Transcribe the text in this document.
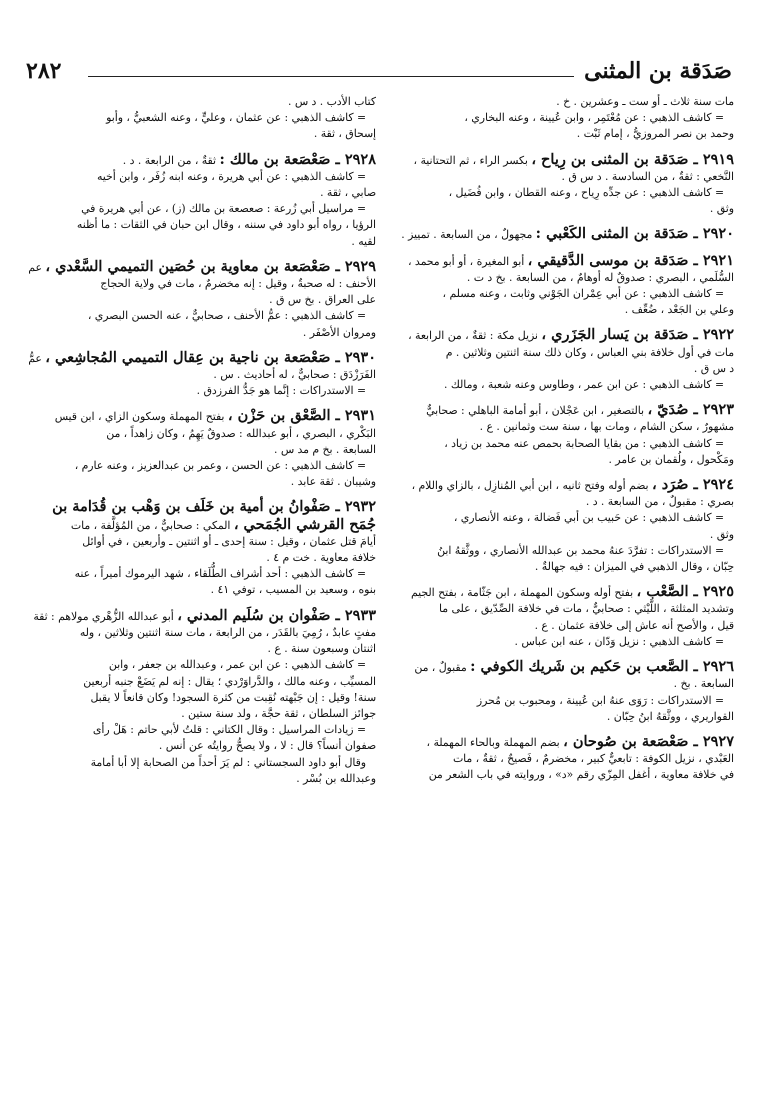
صَدَقة بن المثنى
٢٨٢

مات سنة ثلاث ـ أو ست ـ وعشرين . خ .

= كاشف الذهبي : عن مُعْتَمِر ، وابن عُيينة ، وعنه البخاري ،

وحمد بن نصر المروزيُّ ، إمام ثَبْت .

٢٩١٩ ـ صَدَقة بن المثنى بن رِياح ، بكسر الراء ، ثم التحتانية ،

النَّخعي : ثقةٌ ، من السادسة . د س ق .

= كاشف الذهبي : عن جدِّه رِياح ، وعنه القطان ، وابن فُضَيل ،

وثق .

٢٩٢٠ ـ صَدَقة بن المثنى الكَعْبي : مجهولٌ ، من السابعة . تمييز .

٢٩٢١ ـ صَدَقة بن موسى الدَّقيقي ، أبو المغيرة ، أو أبو محمد ،

السُّلَمي ، البصري : صدوقٌ له أوهامٌ ، من السابعة . بخ د ت .

= كاشف الذهبي : عن أبي عِمْران الجَوْني وثابت ، وعنه مسلم ،

وعلي بن الجَعْد ، ضُعِّف .

٢٩٢٢ ـ صَدَقة بن يَسار الجَزَري ، نزيل مكة : ثقةٌ ، من الرابعة ،

مات في أول خلافة بني العباس ، وكان ذلك سنة اثنتين وثلاثين . م

د س ق .

= كاشف الذهبي : عن ابن عمر ، وطاوس وعنه شعبة ، ومالك .

٢٩٢٣ ـ صُدَيّ ، بالتصغير ، ابن عَجْلان ، أبو أمامة الباهلي : صحابيٌّ

مشهورٌ ، سكن الشام ، ومات بها ، سنة ست وثمانين . ع .

= كاشف الذهبي : من بقايا الصحابة بحمص عنه محمد بن زياد ،

ومَكْحول ، ولُقمان بن عامر .

٢٩٢٤ ـ صُرَد ، بضم أوله وفتح ثانيه ، ابن أبي المُنازِل ، بالزاي واللام ،

بصري : مقبولٌ ، من السابعة . د .

= كاشف الذهبي : عن حَبيب بن أبي فَضالة ، وعنه الأنصاري ،

وثق .

= الاستدراكات : تفرَّدَ عنهُ محمد بن عبدالله الأنصاري ، ووثَّقهُ ابنُ

حِبّان ، وقال الذهبي في الميزان : فيه جهالةٌ .

٢٩٢٥ ـ الصَّعْب ، بفتح أوله وسكون المهملة ، ابن جَثّامة ، بفتح الجيم

وتشديد المثلثة ، اللَّيْثي : صحابيٌّ ، مات في خلافة الصِّدّيق ، على ما

قيل ، والأصح أنه عاش إلى خلافة عثمان . ع .

= كاشف الذهبي : نزيل وَدّان ، عنه ابن عباس .

٢٩٢٦ ـ الصَّعب بن حَكيم بن شَريك الكوفي : مقبولٌ ، من

السابعة . بخ .

= الاستدراكات : رَوَى عنهُ ابن عُيينة ، ومحبوب بن مُحرز

القواريري ، ووثَّقهُ ابنُ حِبّان .

٢٩٢٧ ـ صَعْصَعة بن صُوحان ، بضم المهملة وبالحاء المهملة ،

العَبْدي ، نزيل الكوفة : تابعيٌّ كبير ، مخضرمٌ ، فَصيحٌ ، ثقةٌ ، مات

في خلافة معاوية ، أغفل المِزّي رقم «د» ، وروايته في باب الشعر من

كتاب الأدب . د س .

= كاشف الذهبي : عن عثمان ، وعليٍّ ، وعنه الشعبيُّ ، وأبو

إسحاق ، ثقة .

٢٩٢٨ ـ صَعْصَعة بن مالك : ثقةٌ ، من الرابعة . د .

= كاشف الذهبي : عن أبي هريرة ، وعنه ابنه زُفَر ، وابن أخيه

صابي ، ثقة .

= مراسيل أبي زُرعة : صعصعة بن مالك (ز) ، عن أبي هريرة في

الرؤيا ، رواه أبو داود في سننه ، وقال ابن حبان في الثقات : ما أظنه

لقيه .

٢٩٢٩ ـ صَعْصَعة بن معاوية بن حُصَين التميمي السَّعْدي ، عم الأحنف : له صحبةٌ ، وقيل : إنه مخضرمٌ ، مات في ولاية الحجاج

على العراق . بخ س ق .

= كاشف الذهبي : عمُّ الأحنف ، صحابيٌّ ، عنه الحسن البصري ،

ومروان الأصْفَر .

٢٩٣٠ ـ صَعْصَعة بن ناجية بن عِقال التميمي المُجاشِعي ، عمُّ الفَرَزْدَق : صحابيٌّ ، له أحاديث . س .

= الاستدراكات : إنَّما هو جَدُّ الفرزدق .

٢٩٣١ ـ الصَّعْق بن حَزْن ، بفتح المهملة وسكون الزاي ، ابن قيس

البَكْري ، البصري ، أبو عبدالله : صدوقٌ يَهِمُ ، وكان زاهداً ، من

السابعة . بخ م مد س .

= كاشف الذهبي : عن الحسن ، وعمر بن عبدالعزيز ، وعنه عارم ،

وشيبان . ثقة عابد .

٢٩٣٢ ـ صَفْوانُ بن أمية بن خَلَف بن وَهْب بن قُدَامة بن جُمَح القرشي الجُمَحي ، المكي : صحابيٌّ ، من المُؤلَّفة ، مات

أيامَ قتل عثمان ، وقيل : سنة إحدى ـ أو اثنتين ـ وأربعين ، في أوائل

خلافة معاوية . خت م ٤ .

= كاشف الذهبي : أحد أشراف الطُّلَقاء ، شهد اليرموك أميراً ، عنه

بنوه ، وسعيد بن المسيب ، توفي ٤١ .

٢٩٣٣ ـ صَفْوان بن سُلَيم المدني ، أبو عبدالله الزُّهْري مولاهم : ثقة

مفتٍ عابدٌ ، رُمِيَ بالقَدَر ، من الرابعة ، مات سنة اثنتين وثلاثين ، وله

اثنتان وسبعون سنة . ع .

= كاشف الذهبي : عن ابن عمر ، وعبدالله بن جعفر ، وابن

المسيِّب ، وعنه مالك ، والدَّراوَرْدي ؛ يقال : إنه لم يَضَعْ جنبه أربعين

سنة! وقيل : إن جَبْهته نُقِبت من كثرة السجود! وكان قانعاً لا يقبل

جوائز السلطان ، ثقة حجَّة ، ولد سنة ستين .

= زيادات المراسيل : وقال الكتاني : قلتُ لأبي حاتم : هَلْ رأى

صفوان أنساً؟ قال : لا ، ولا يصحُّ روايتُه عن أنس .

وقال أبو داود السجستاني : لم يَرَ أحداً من الصحابة إلا أبا أمامة

وعبدالله بن بُسْر .
